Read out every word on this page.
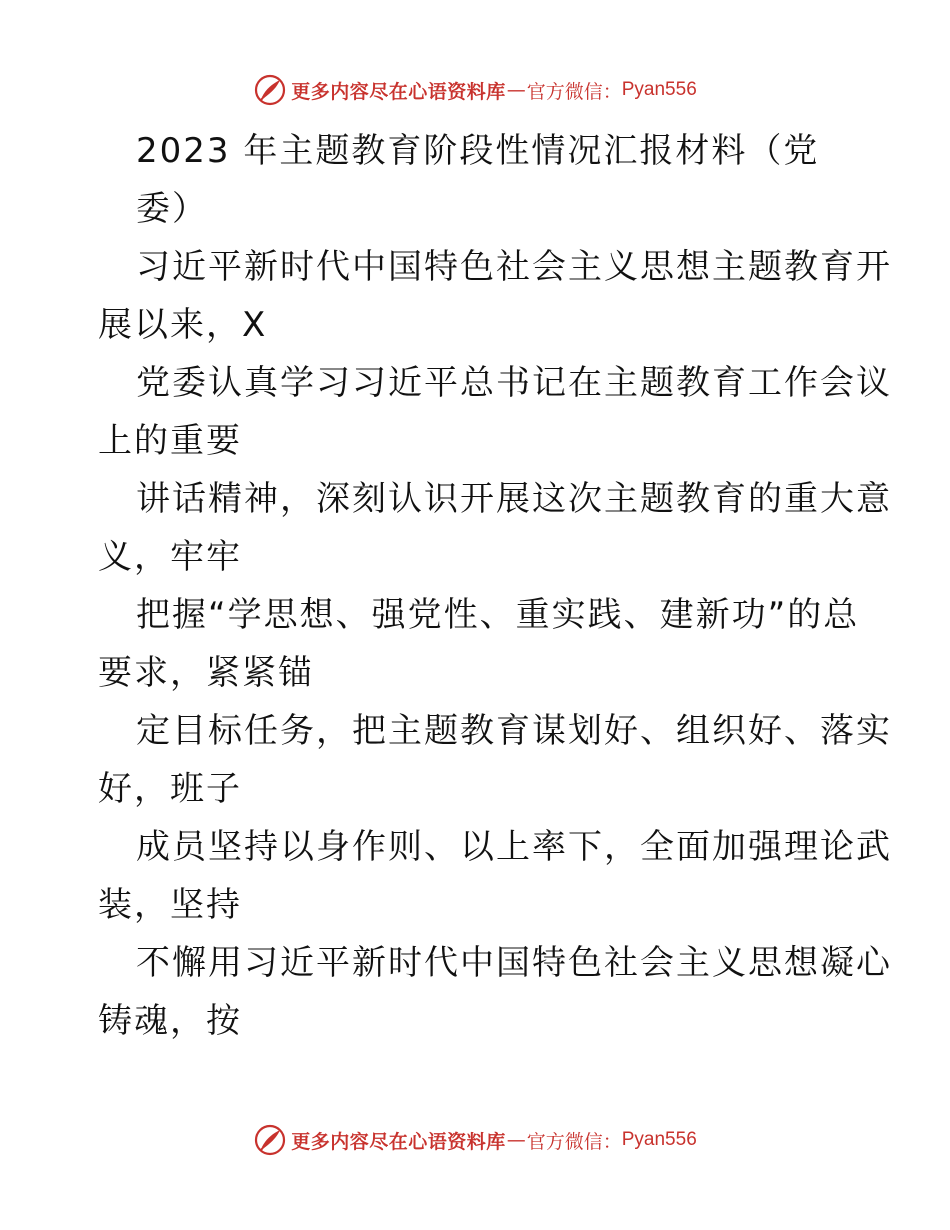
更多内容尽在心语资料库 — 官方微信： Pyan556
2023 年主题教育阶段性情况汇报材料（党
委）
习近平新时代中国特色社会主义思想主题教育开
展以来，X
党委认真学习习近平总书记在主题教育工作会议
上的重要
讲话精神，深刻认识开展这次主题教育的重大意
义，牢牢
把握“学思想、强党性、重实践、建新功”的总
要求，紧紧锚
定目标任务，把主题教育谋划好、组织好、落实
好，班子
成员坚持以身作则、以上率下，全面加强理论武
装，坚持
不懈用习近平新时代中国特色社会主义思想凝心
铸魂，按
更多内容尽在心语资料库 — 官方微信： Pyan556
